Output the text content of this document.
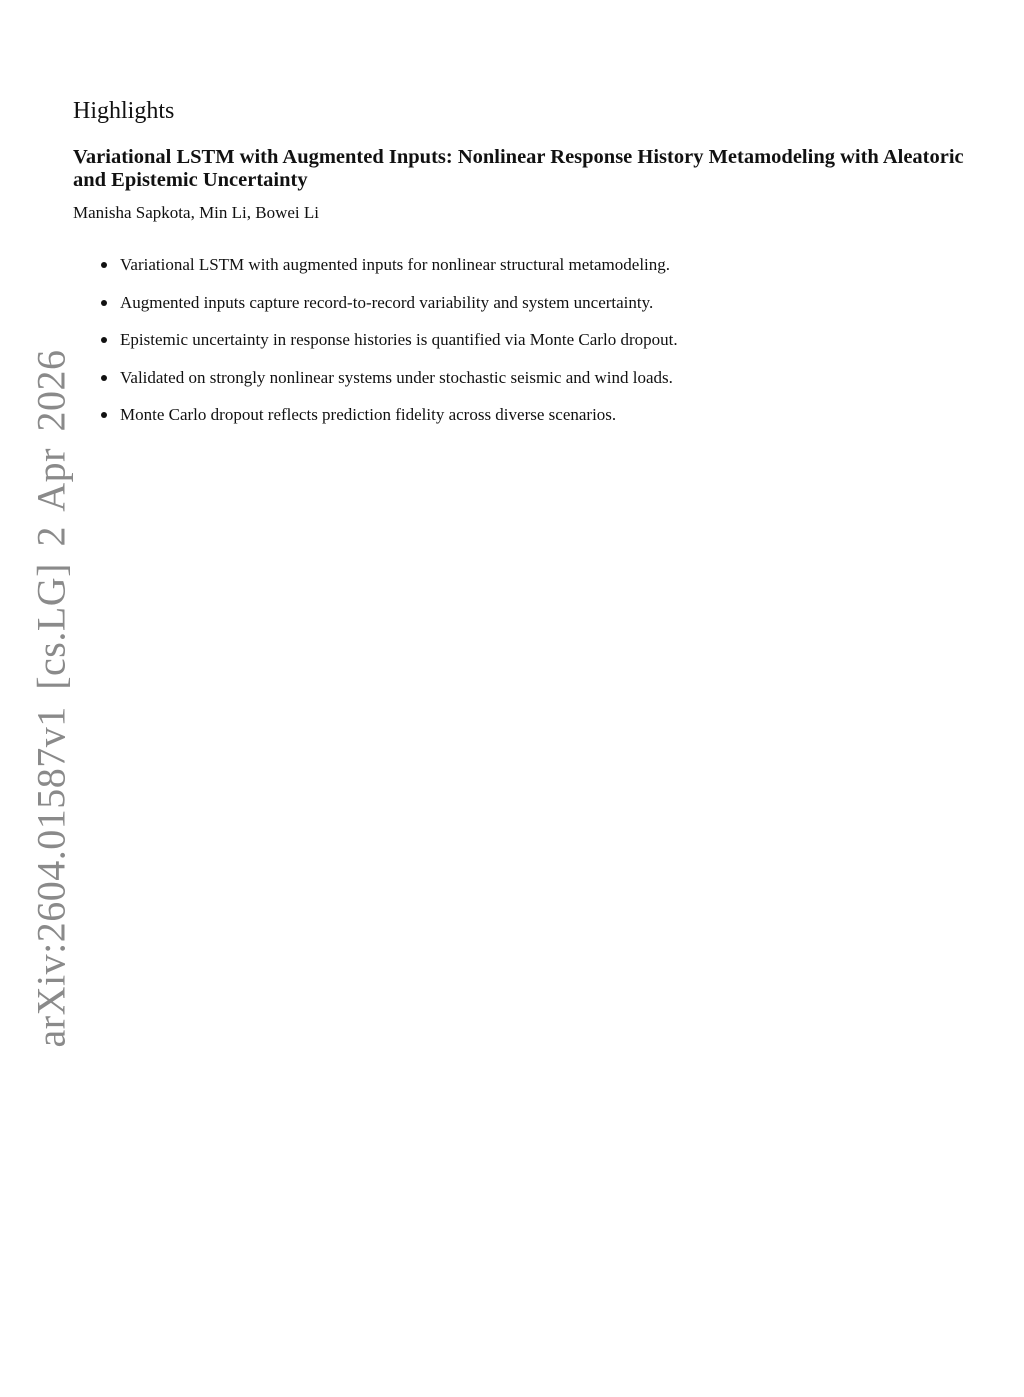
arXiv:2604.01587v1 [cs.LG] 2 Apr 2026
Highlights
Variational LSTM with Augmented Inputs: Nonlinear Response History Metamodeling with Aleatoric and Epistemic Uncertainty
Manisha Sapkota, Min Li, Bowei Li
Variational LSTM with augmented inputs for nonlinear structural metamodeling.
Augmented inputs capture record-to-record variability and system uncertainty.
Epistemic uncertainty in response histories is quantified via Monte Carlo dropout.
Validated on strongly nonlinear systems under stochastic seismic and wind loads.
Monte Carlo dropout reflects prediction fidelity across diverse scenarios.
